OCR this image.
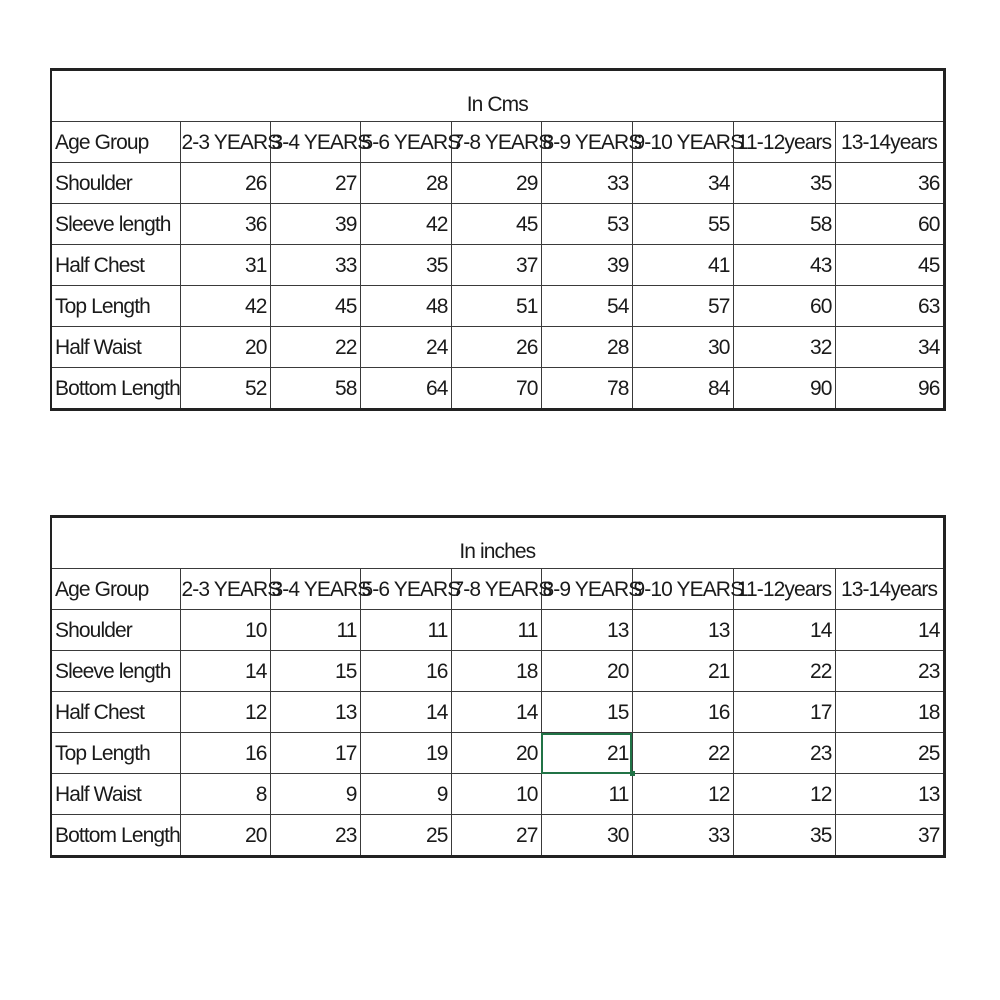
In Cms								
Age Group	2-3 YEARS	3-4 YEARS	5-6 YEARS	7-8 YEARS	8-9 YEARS	9-10 YEARS	11-12years	13-14years
Shoulder	26	27	28	29	33	34	35	36
Sleeve length	36	39	42	45	53	55	58	60
Half Chest	31	33	35	37	39	41	43	45
Top Length	42	45	48	51	54	57	60	63
Half Waist	20	22	24	26	28	30	32	34
Bottom Length	52	58	64	70	78	84	90	96
In inches								
Age Group	2-3 YEARS	3-4 YEARS	5-6 YEARS	7-8 YEARS	8-9 YEARS	9-10 YEARS	11-12years	13-14years
Shoulder	10	11	11	11	13	13	14	14
Sleeve length	14	15	16	18	20	21	22	23
Half Chest	12	13	14	14	15	16	17	18
Top Length	16	17	19	20	21	22	23	25
Half Waist	8	9	9	10	11	12	12	13
Bottom Length	20	23	25	27	30	33	35	37
